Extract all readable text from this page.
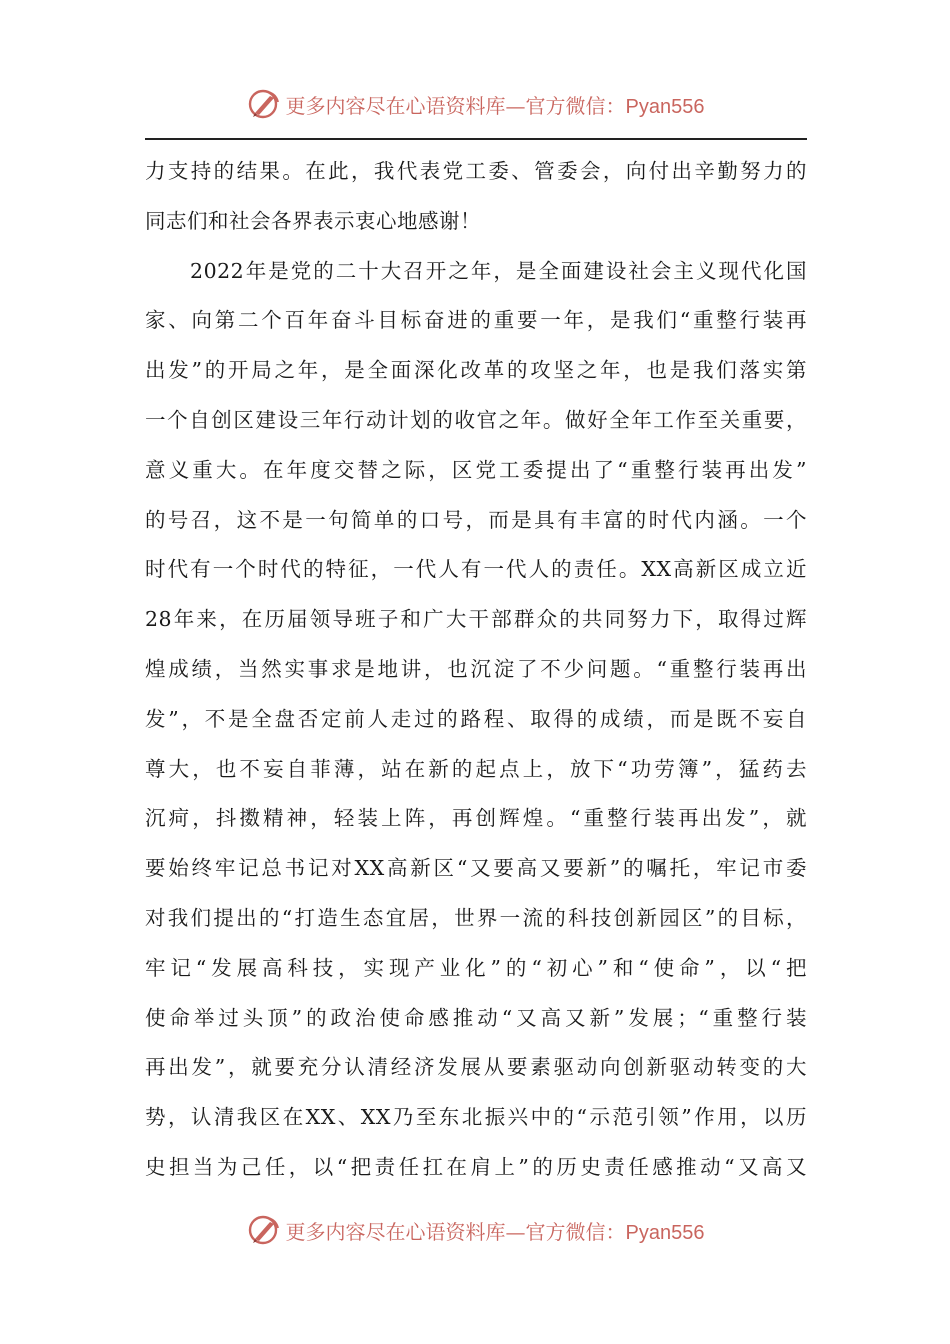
更多内容尽在心语资料库—官方微信：Pyan556
力支持的结果。在此，我代表党工委、管委会，向付出辛勤努力的
同志们和社会各界表示衷心地感谢！
　　2022年是党的二十大召开之年，是全面建设社会主义现代化国
家、向第二个百年奋斗目标奋进的重要一年，是我们“重整行装再
出发”的开局之年，是全面深化改革的攻坚之年，也是我们落实第
一个自创区建设三年行动计划的收官之年。做好全年工作至关重要，
意义重大。在年度交替之际，区党工委提出了“重整行装再出发”
的号召，这不是一句简单的口号，而是具有丰富的时代内涵。一个
时代有一个时代的特征，一代人有一代人的责任。XX高新区成立近
28年来，在历届领导班子和广大干部群众的共同努力下，取得过辉
煌成绩，当然实事求是地讲，也沉淀了不少问题。“重整行装再出
发”，不是全盘否定前人走过的路程、取得的成绩，而是既不妄自
尊大，也不妄自菲薄，站在新的起点上，放下“功劳簿”，猛药去
沉疴，抖擞精神，轻装上阵，再创辉煌。“重整行装再出发”，就
要始终牢记总书记对XX高新区“又要高又要新”的嘱托，牢记市委
对我们提出的“打造生态宜居，世界一流的科技创新园区”的目标，
牢记“发展高科技，实现产业化”的“初心”和“使命”，以“把
使命举过头顶”的政治使命感推动“又高又新”发展；“重整行装
再出发”，就要充分认清经济发展从要素驱动向创新驱动转变的大
势，认清我区在XX、XX乃至东北振兴中的“示范引领”作用，以历
史担当为己任，以“把责任扛在肩上”的历史责任感推动“又高又
更多内容尽在心语资料库—官方微信：Pyan556
